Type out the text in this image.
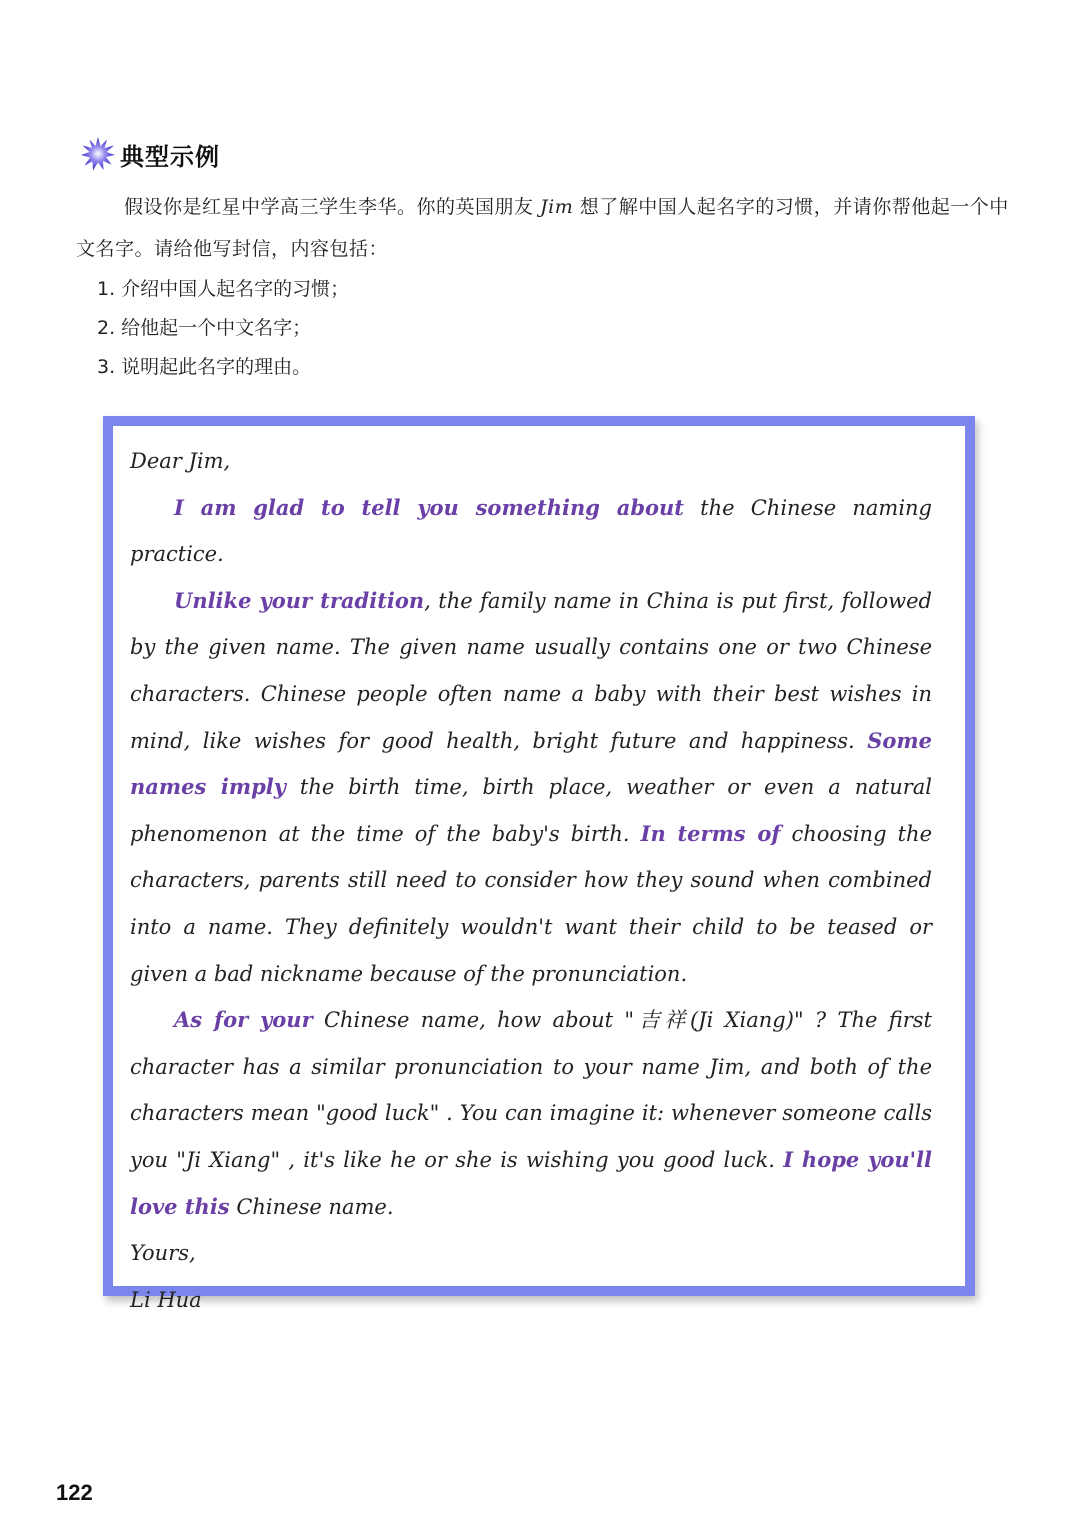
典型示例
假设你是红星中学高三学生李华。你的英国朋友 Jim 想了解中国人起名字的习惯，并请你帮他起一个中文名字。请给他写封信，内容包括：
1. 介绍中国人起名字的习惯；
2. 给他起一个中文名字；
3. 说明起此名字的理由。

Dear Jim,

I am glad to tell you something about the Chinese naming practice.

Unlike your tradition, the family name in China is put first, followed by the given name. The given name usually contains one or two Chinese characters. Chinese people often name a baby with their best wishes in mind, like wishes for good health, bright future and happiness. Some names imply the birth time, birth place, weather or even a natural phenomenon at the time of the baby's birth. In terms of choosing the characters, parents still need to consider how they sound when combined into a name. They definitely wouldn't want their child to be teased or given a bad nickname because of the pronunciation.

As for your Chinese name, how about "吉祥(Ji Xiang)" ? The first character has a similar pronunciation to your name Jim, and both of the characters mean "good luck" . You can imagine it: whenever someone calls you "Ji Xiang" , it's like he or she is wishing you good luck. I hope you'll love this Chinese name.

Yours,

Li Hua

122
